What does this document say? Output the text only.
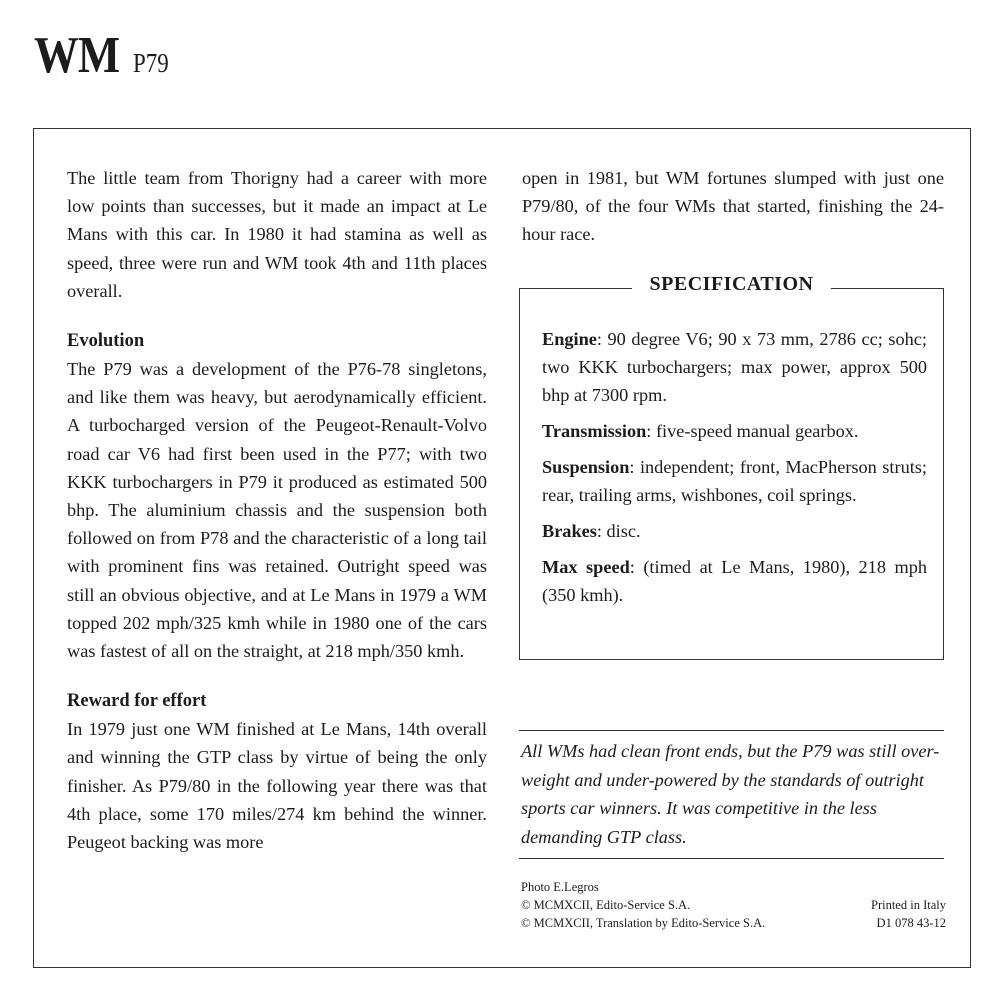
WM P79

The little team from Thorigny had a career with more low points than successes, but it made an impact at Le Mans with this car. In 1980 it had stamina as well as speed, three were run and WM took 4th and 11th places overall.

Evolution

The P79 was a development of the P76-78 singletons, and like them was heavy, but aerodynamically efficient. A turbocharged version of the Peugeot-Renault-Volvo road car V6 had first been used in the P77; with two KKK turbochargers in P79 it produced as estimated 500 bhp. The aluminium chassis and the suspension both followed on from P78 and the characteristic of a long tail with prominent fins was retained. Outright speed was still an obvious objective, and at Le Mans in 1979 a WM topped 202 mph/325 kmh while in 1980 one of the cars was fastest of all on the straight, at 218 mph/350 kmh.

Reward for effort

In 1979 just one WM finished at Le Mans, 14th overall and winning the GTP class by virtue of being the only finisher. As P79/80 in the following year there was that 4th place, some 170 miles/274 km behind the winner. Peugeot backing was more

open in 1981, but WM fortunes slumped with just one P79/80, of the four WMs that started, finishing the 24-hour race.

SPECIFICATION

Engine: 90 degree V6; 90 x 73 mm, 2786 cc; sohc; two KKK turbochargers; max power, approx 500 bhp at 7300 rpm.

Transmission: five-speed manual gearbox.

Suspension: independent; front, MacPherson struts; rear, trailing arms, wishbones, coil springs.

Brakes: disc.

Max speed: (timed at Le Mans, 1980), 218 mph (350 kmh).

All WMs had clean front ends, but the P79 was still over-weight and under-powered by the standards of outright sports car winners. It was competitive in the less demanding GTP class.
Photo E.Legros
© MCMXCII, Edito-Service S.A.	Printed in Italy
© MCMXCII, Translation by Edito-Service S.A.	D1 078 43-12
